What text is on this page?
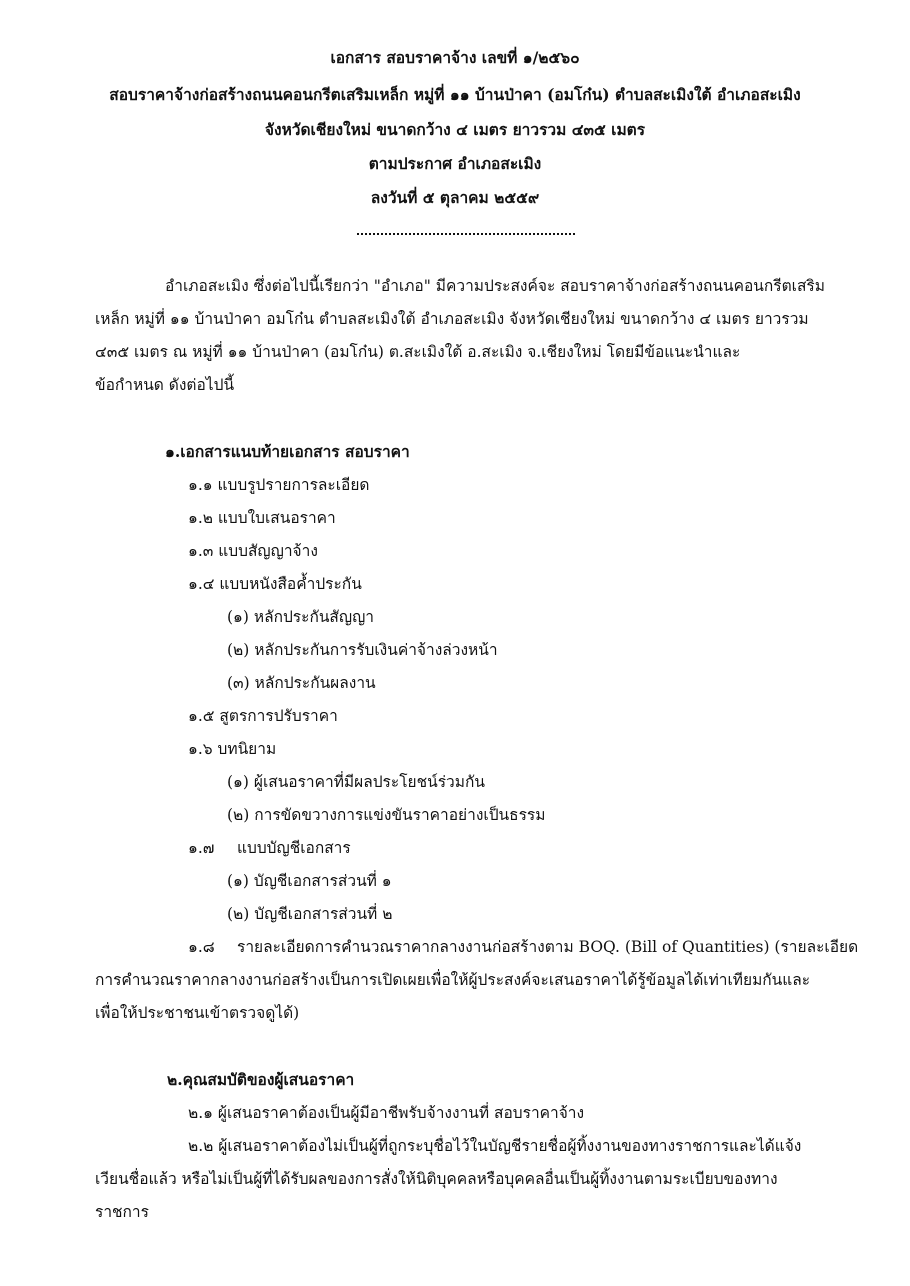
เอกสาร สอบราคาจ้าง เลขที่ ๑/๒๕๖๐
สอบราคาจ้างก่อสร้างถนนคอนกรีตเสริมเหล็ก หมู่ที่ ๑๑ บ้านป่าคา (อมโก๋น) ตำบลสะเมิงใต้ อำเภอสะเมิง
จังหวัดเชียงใหม่ ขนาดกว้าง ๔ เมตร ยาวรวม ๔๓๕ เมตร
ตามประกาศ อำเภอสะเมิง
ลงวันที่ ๕ ตุลาคม ๒๕๕๙
อำเภอสะเมิง ซึ่งต่อไปนี้เรียกว่า "อำเภอ" มีความประสงค์จะ สอบราคาจ้างก่อสร้างถนนคอนกรีตเสริม
เหล็ก หมู่ที่ ๑๑ บ้านป่าคา อมโก๋น ตำบลสะเมิงใต้ อำเภอสะเมิง จังหวัดเชียงใหม่ ขนาดกว้าง ๔ เมตร ยาวรวม
๔๓๕ เมตร ณ หมู่ที่ ๑๑ บ้านป่าคา (อมโก๋น) ต.สะเมิงใต้ อ.สะเมิง จ.เชียงใหม่ โดยมีข้อแนะนำและ
ข้อกำหนด ดังต่อไปนี้
๑.เอกสารแนบท้ายเอกสาร สอบราคา
๑.๑ แบบรูปรายการละเอียด
๑.๒ แบบใบเสนอราคา
๑.๓ แบบสัญญาจ้าง
๑.๔ แบบหนังสือค้ำประกัน
(๑) หลักประกันสัญญา
(๒) หลักประกันการรับเงินค่าจ้างล่วงหน้า
(๓) หลักประกันผลงาน
๑.๕ สูตรการปรับราคา
๑.๖ บทนิยาม
(๑) ผู้เสนอราคาที่มีผลประโยชน์ร่วมกัน
(๒) การขัดขวางการแข่งขันราคาอย่างเป็นธรรม
๑.๗ แบบบัญชีเอกสาร
(๑) บัญชีเอกสารส่วนที่ ๑
(๒) บัญชีเอกสารส่วนที่ ๒
๑.๘ รายละเอียดการคำนวณราคากลางงานก่อสร้างตาม BOQ. (Bill of Quantities) (รายละเอียด
การคำนวณราคากลางงานก่อสร้างเป็นการเปิดเผยเพื่อให้ผู้ประสงค์จะเสนอราคาได้รู้ข้อมูลได้เท่าเทียมกันและ
เพื่อให้ประชาชนเข้าตรวจดูได้)
๒.คุณสมบัติของผู้เสนอราคา
๒.๑ ผู้เสนอราคาต้องเป็นผู้มีอาชีพรับจ้างงานที่ สอบราคาจ้าง
๒.๒ ผู้เสนอราคาต้องไม่เป็นผู้ที่ถูกระบุชื่อไว้ในบัญชีรายชื่อผู้ทิ้งงานของทางราชการและได้แจ้ง
เวียนชื่อแล้ว หรือไม่เป็นผู้ที่ได้รับผลของการสั่งให้นิติบุคคลหรือบุคคลอื่นเป็นผู้ทิ้งงานตามระเบียบของทาง
ราชการ
